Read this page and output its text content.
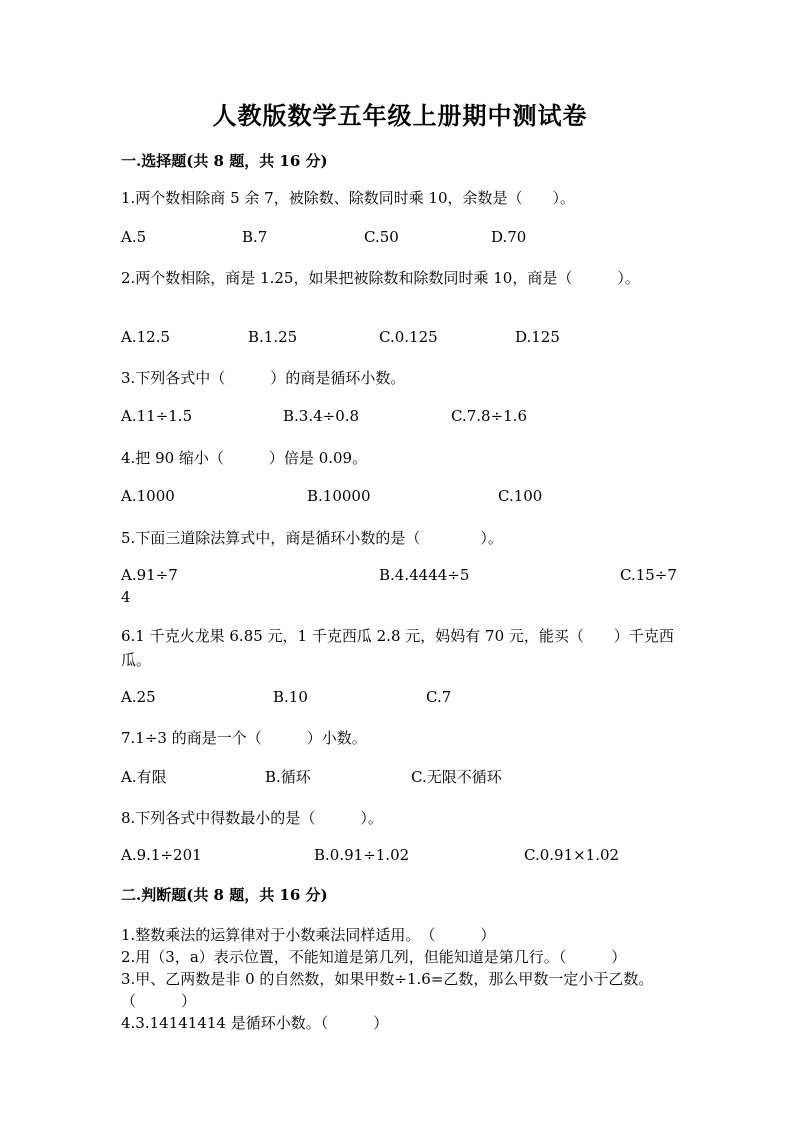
人教版数学五年级上册期中测试卷
一.选择题(共 8 题，共 16 分)
1.两个数相除商 5 余 7，被除数、除数同时乘 10，余数是（　　）。
A.5	B.7	C.50	D.70
2.两个数相除，商是 1.25，如果把被除数和除数同时乘 10，商是（　　　）。
A.12.5	B.1.25	C.0.125	D.125
3.下列各式中（　　　）的商是循环小数。
A.11÷1.5	B.3.4÷0.8	C.7.8÷1.6
4.把 90 缩小（　　　）倍是 0.09。
A.1000	B.10000	C.100
5.下面三道除法算式中，商是循环小数的是（　　　　）。
A.91÷7	B.4.4444÷5	C.15÷7
4
6.1 千克火龙果 6.85 元，1 千克西瓜 2.8 元，妈妈有 70 元，能买（　　）千克西瓜。
A.25	B.10	C.7
7.1÷3 的商是一个（　　　）小数。
A.有限	B.循环	C.无限不循环
8.下列各式中得数最小的是（　　　）。
A.9.1÷201	B.0.91÷1.02	C.0.91×1.02
二.判断题(共 8 题，共 16 分)
1.整数乘法的运算律对于小数乘法同样适用。　（　　　）
2.用（3，a）表示位置，不能知道是第几列，但能知道是第几行。（　　　）
3.甲、乙两数是非 0 的自然数，如果甲数÷1.6=乙数，那么甲数一定小于乙数。（　　　）
4.3.14141414 是循环小数。（　　　）
